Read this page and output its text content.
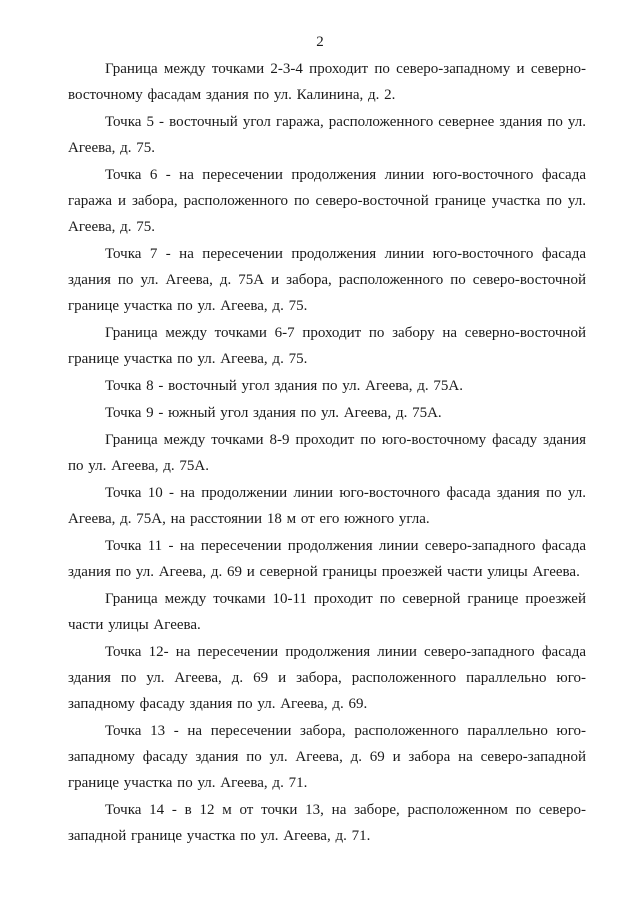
2

Граница между точками 2-3-4 проходит по северо-западному и северно-восточному фасадам здания по ул. Калинина, д. 2.

Точка 5 - восточный угол гаража, расположенного севернее здания по ул. Агеева, д. 75.

Точка 6 - на пересечении продолжения линии юго-восточного фасада гаража и забора, расположенного по северо-восточной границе участка по ул. Агеева, д. 75.

Точка 7 - на пересечении продолжения линии юго-восточного фасада здания по ул. Агеева, д. 75А и забора, расположенного по северо-восточной границе участка по ул. Агеева, д. 75.

Граница между точками 6-7 проходит по забору на северно-восточной границе участка по ул. Агеева, д. 75.

Точка 8 - восточный угол здания по ул. Агеева, д. 75А.

Точка 9 - южный угол здания по ул. Агеева, д. 75А.

Граница между точками 8-9 проходит по юго-восточному фасаду здания по ул. Агеева, д. 75А.

Точка 10 - на продолжении линии юго-восточного фасада здания по ул. Агеева, д. 75А, на расстоянии 18 м от его южного угла.

Точка 11 - на пересечении продолжения линии северо-западного фасада здания по ул. Агеева, д. 69 и северной границы проезжей части улицы Агеева.

Граница между точками 10-11 проходит по северной границе проезжей части улицы Агеева.

Точка 12- на пересечении продолжения линии северо-западного фасада здания по ул. Агеева, д. 69 и забора, расположенного параллельно юго-западному фасаду здания по ул. Агеева, д. 69.

Точка 13 - на пересечении забора, расположенного параллельно юго-западному фасаду здания по ул. Агеева, д. 69 и забора на северо-западной границе участка по ул. Агеева, д. 71.

Точка 14 - в 12 м от точки 13, на заборе, расположенном по северо-западной границе участка по ул. Агеева, д. 71.
